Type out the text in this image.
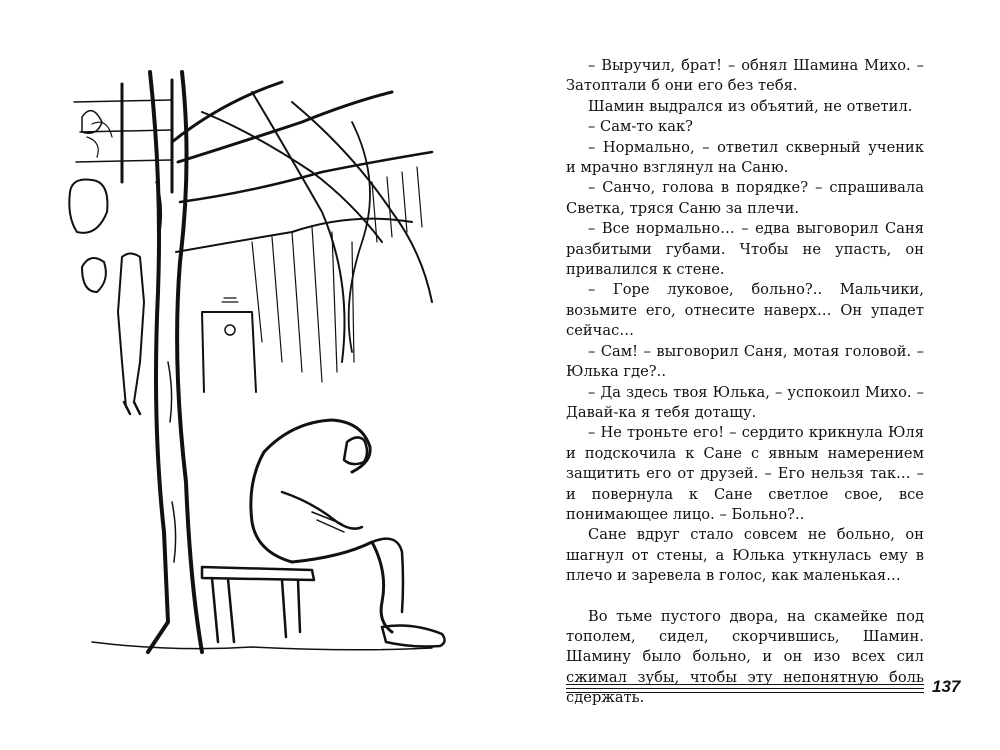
– Выручил, брат! – обнял Шамина Михо. – Затоптали б они его без тебя.

Шамин выдрался из объятий, не ответил.

– Сам-то как?

– Нормально, – ответил скверный ученик и мрачно взглянул на Саню.

– Санчо, голова в порядке? – спрашивала Светка, тряся Саню за плечи.

– Все нормально… – едва выговорил Саня разбитыми губами. Чтобы не упасть, он привалился к стене.

– Горе луковое, больно?.. Мальчики, возьмите его, отнесите наверх… Он упадет сейчас…

– Сам! – выговорил Саня, мотая головой. – Юлька где?..

– Да здесь твоя Юлька, – успокоил Михо. – Давай-ка я тебя дотащу.

– Не троньте его! – сердито крикнула Юля и подскочила к Сане с явным намерением защитить его от друзей. – Его нельзя так… – и повернула к Сане светлое свое, все понимающее лицо. – Больно?..

Сане вдруг стало совсем не больно, он шагнул от стены, а Юлька уткнулась ему в плечо и заревела в голос, как маленькая…

Во тьме пустого двора, на скамейке под тополем, сидел, скорчившись, Шамин. Шамину было больно, и он изо всех сил сжимал зубы, чтобы эту непонятную боль сдержать.

137
